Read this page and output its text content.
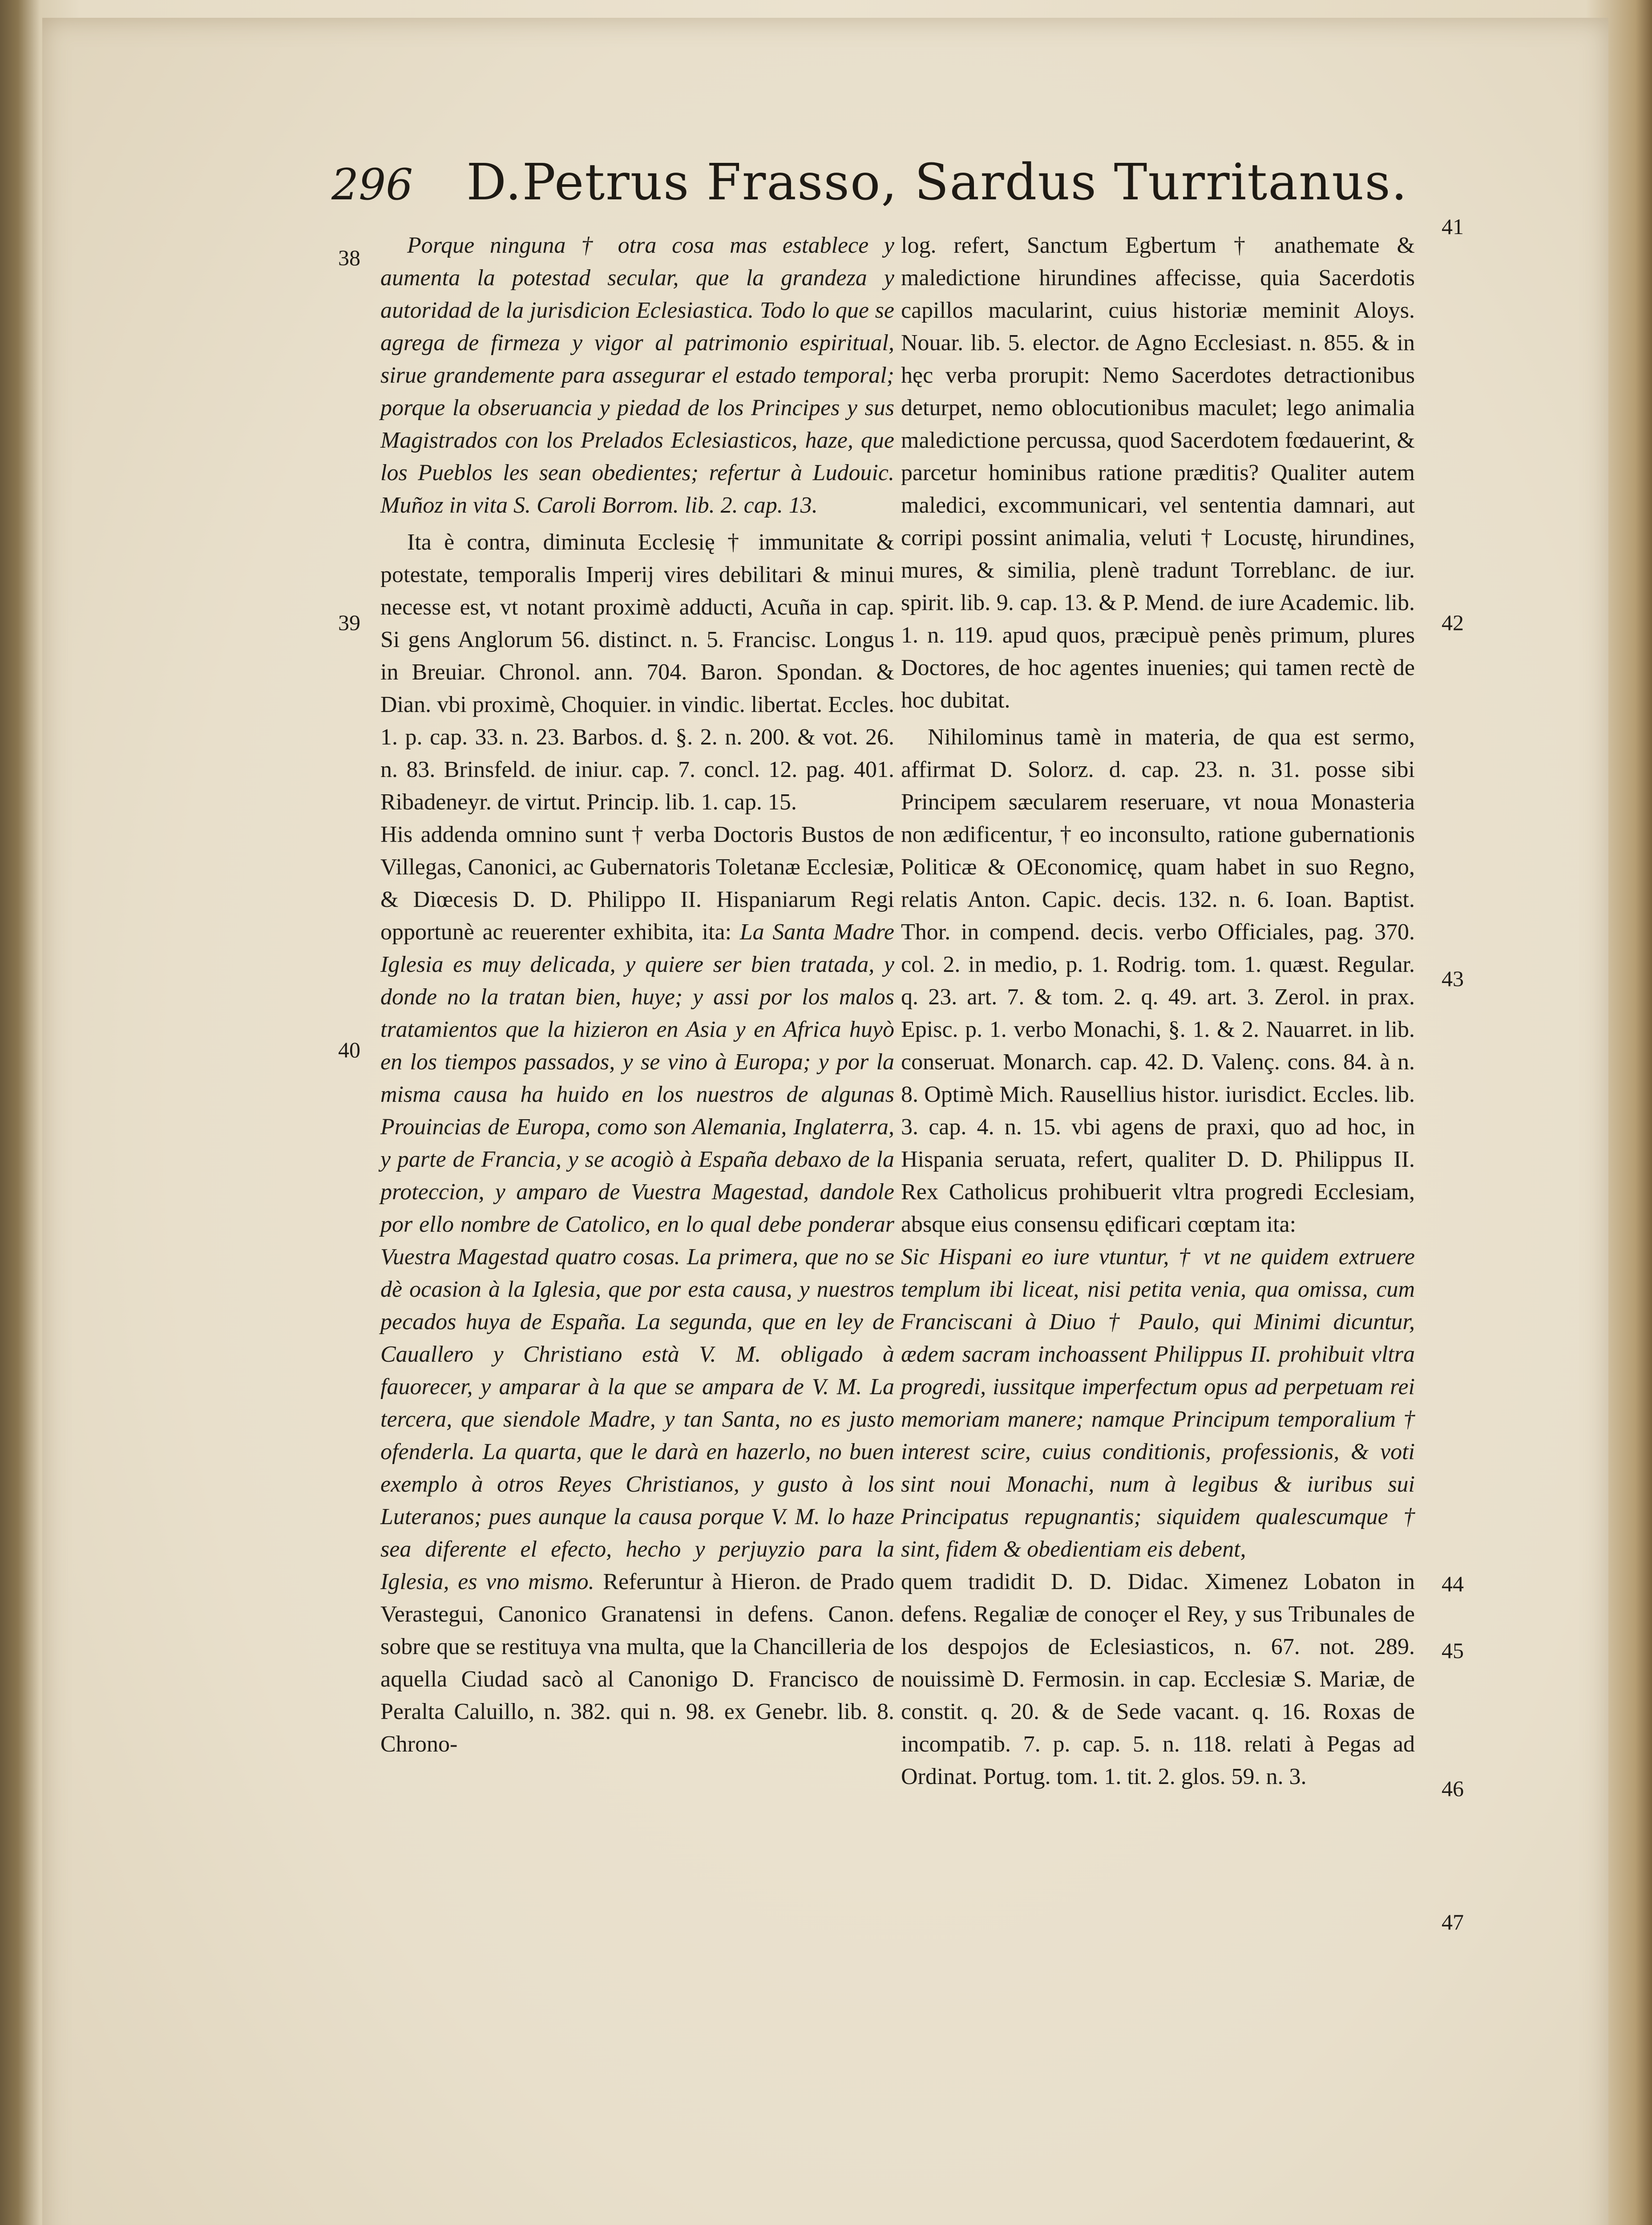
296 D.Petrus Frasso, Sardus Turritanus.
38
39
40
41
42
43
44
45
46
47

Porque ninguna † otra cosa mas establece y aumenta la potestad secular, que la grandeza y autoridad de la jurisdicion Eclesiastica. Todo lo que se agrega de firmeza y vigor al patrimonio espiritual, sirue grandemente para assegurar el estado temporal; porque la obseruancia y piedad de los Principes y sus Magistrados con los Prelados Eclesiasticos, haze, que los Pueblos les sean obedientes; refertur à Ludouic. Muñoz in vita S. Caroli Borrom. lib. 2. cap. 13.

Ita è contra, diminuta Ecclesię † immunitate & potestate, temporalis Imperij vires debilitari & minui necesse est, vt notant proximè adducti, Acuña in cap. Si gens Anglorum 56. distinct. n. 5. Francisc. Longus in Breuiar. Chronol. ann. 704. Baron. Spondan. & Dian. vbi proximè, Choquier. in vindic. libertat. Eccles. 1. p. cap. 33. n. 23. Barbos. d. §. 2. n. 200. & vot. 26. n. 83. Brinsfeld. de iniur. cap. 7. concl. 12. pag. 401. Ribadeneyr. de virtut. Princip. lib. 1. cap. 15.

His addenda omnino sunt † verba Doctoris Bustos de Villegas, Canonici, ac Gubernatoris Toletanæ Ecclesiæ, & Diœcesis D. D. Philippo II. Hispaniarum Regi opportunè ac reuerenter exhibita, ita: La Santa Madre Iglesia es muy delicada, y quiere ser bien tratada, y donde no la tratan bien, huye; y assi por los malos tratamientos que la hizieron en Asia y en Africa huyò en los tiempos passados, y se vino à Europa; y por la misma causa ha huido en los nuestros de algunas Prouincias de Europa, como son Alemania, Inglaterra, y parte de Francia, y se acogiò à España debaxo de la proteccion, y amparo de Vuestra Magestad, dandole por ello nombre de Catolico, en lo qual debe ponderar Vuestra Magestad quatro cosas. La primera, que no se dè ocasion à la Iglesia, que por esta causa, y nuestros pecados huya de España. La segunda, que en ley de Cauallero y Christiano està V. M. obligado à fauorecer, y amparar à la que se ampara de V. M. La tercera, que siendole Madre, y tan Santa, no es justo ofenderla. La quarta, que le darà en hazerlo, no buen exemplo à otros Reyes Christianos, y gusto à los Luteranos; pues aunque la causa porque V. M. lo haze sea diferente el efecto, hecho y perjuyzio para la Iglesia, es vno mismo. Referuntur à Hieron. de Prado Verastegui, Canonico Granatensi in defens. Canon. sobre que se restituya vna multa, que la Chancilleria de aquella Ciudad sacò al Canonigo D. Francisco de Peralta Caluillo, n. 382. qui n. 98. ex Genebr. lib. 8. Chrono-

log. refert, Sanctum Egbertum † anathemate & maledictione hirundines affecisse, quia Sacerdotis capillos macularint, cuius historiæ meminit Aloys. Nouar. lib. 5. elector. de Agno Ecclesiast. n. 855. & in hęc verba prorupit: Nemo Sacerdotes detractionibus deturpet, nemo oblocutionibus maculet; lego animalia maledictione percussa, quod Sacerdotem fœdauerint, & parcetur hominibus ratione præditis? Qualiter autem maledici, excommunicari, vel sententia damnari, aut corripi possint animalia, veluti † Locustę, hirundines, mures, & similia, plenè tradunt Torreblanc. de iur. spirit. lib. 9. cap. 13. & P. Mend. de iure Academic. lib. 1. n. 119. apud quos, præcipuè penès primum, plures Doctores, de hoc agentes inuenies; qui tamen rectè de hoc dubitat.

Nihilominus tamè in materia, de qua est sermo, affirmat D. Solorz. d. cap. 23. n. 31. posse sibi Principem sæcularem reseruare, vt noua Monasteria non ædificentur, † eo inconsulto, ratione gubernationis Politicæ & OEconomicę, quam habet in suo Regno, relatis Anton. Capic. decis. 132. n. 6. Ioan. Baptist. Thor. in compend. decis. verbo Officiales, pag. 370. col. 2. in medio, p. 1. Rodrig. tom. 1. quæst. Regular. q. 23. art. 7. & tom. 2. q. 49. art. 3. Zerol. in prax. Episc. p. 1. verbo Monachi, §. 1. & 2. Nauarret. in lib. conseruat. Monarch. cap. 42. D. Valenç. cons. 84. à n. 8. Optimè Mich. Rausellius histor. iurisdict. Eccles. lib. 3. cap. 4. n. 15. vbi agens de praxi, quo ad hoc, in Hispania seruata, refert, qualiter D. D. Philippus II. Rex Catholicus prohibuerit vltra progredi Ecclesiam, absque eius consensu ędificari cœptam ita:

Sic Hispani eo iure vtuntur, † vt ne quidem extruere templum ibi liceat, nisi petita venia, qua omissa, cum Franciscani à Diuo † Paulo, qui Minimi dicuntur, ædem sacram inchoassent Philippus II. prohibuit vltra progredi, iussitque imperfectum opus ad perpetuam rei memoriam manere; namque Principum temporalium † interest scire, cuius conditionis, professionis, & voti sint noui Monachi, num à legibus & iuribus sui Principatus repugnantis; siquidem qualescumque † sint, fidem & obedientiam eis debent,

quem tradidit D. D. Didac. Ximenez Lobaton in defens. Regaliæ de conoçer el Rey, y sus Tribunales de los despojos de Eclesiasticos, n. 67. not. 289. nouissimè D. Fermosin. in cap. Ecclesiæ S. Mariæ, de constit. q. 20. & de Sede vacant. q. 16. Roxas de incompatib. 7. p. cap. 5. n. 118. relati à Pegas ad Ordinat. Portug. tom. 1. tit. 2. glos. 59. n. 3.
